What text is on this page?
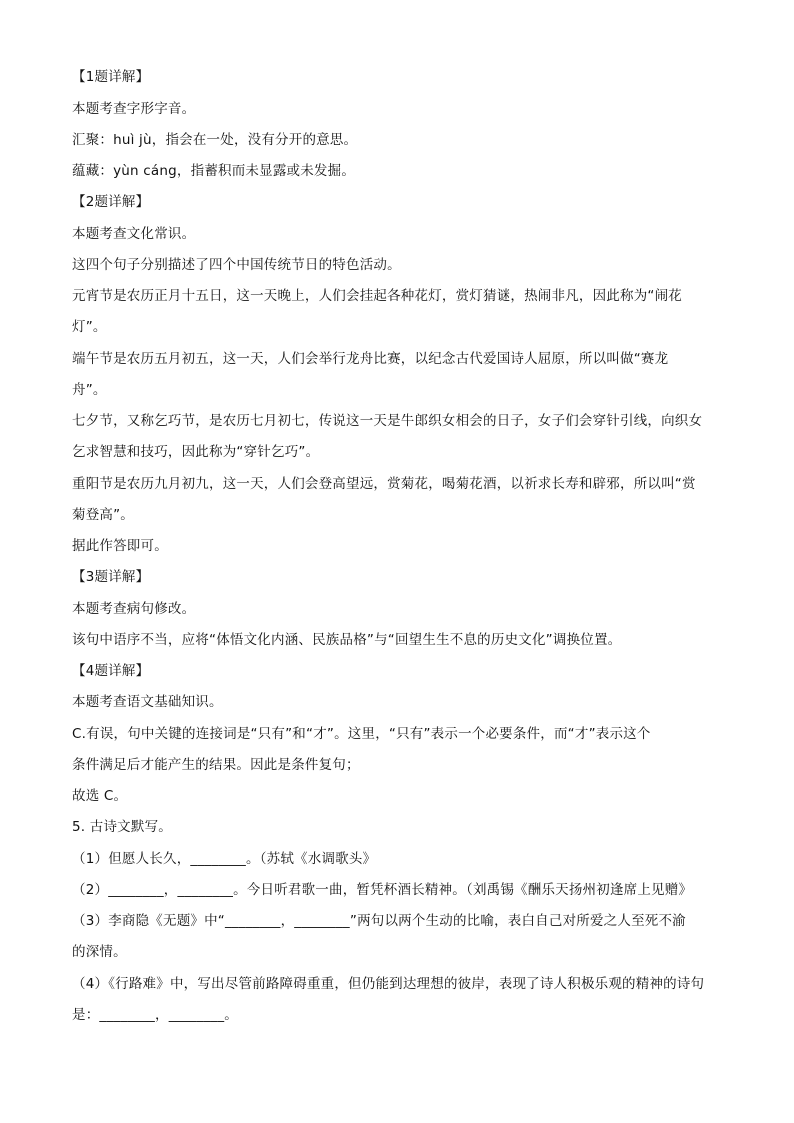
【1题详解】
本题考查字形字音。
汇聚：huì jù，指会在一处，没有分开的意思。
蕴藏：yùn cáng，指蓄积而未显露或未发掘。
【2题详解】
本题考查文化常识。
这四个句子分别描述了四个中国传统节日的特色活动。
元宵节是农历正月十五日，这一天晚上，人们会挂起各种花灯，赏灯猜谜，热闹非凡，因此称为“闹花
灯”。
端午节是农历五月初五，这一天，人们会举行龙舟比赛，以纪念古代爱国诗人屈原，所以叫做“赛龙
舟”。
七夕节，又称乞巧节，是农历七月初七，传说这一天是牛郎织女相会的日子，女子们会穿针引线，向织女
乞求智慧和技巧，因此称为“穿针乞巧”。
重阳节是农历九月初九，这一天，人们会登高望远，赏菊花，喝菊花酒，以祈求长寿和辟邪，所以叫“赏
菊登高”。
据此作答即可。
【3题详解】
本题考查病句修改。
该句中语序不当，应将“体悟文化内涵、民族品格”与“回望生生不息的历史文化”调换位置。
【4题详解】
本题考查语文基础知识。
C.有误，句中关键的连接词是“只有”和“才”。这里，“只有”表示一个必要条件，而“才”表示这个
条件满足后才能产生的结果。因此是条件复句；
故选 C。
5. 古诗文默写。
（1）但愿人长久，________。（苏轼《水调歌头》
（2）________，________。今日听君歌一曲，暂凭杯酒长精神。（刘禹锡《酬乐天扬州初逢席上见赠》
（3）李商隐《无题》中“________，________”两句以两个生动的比喻，表白自己对所爱之人至死不渝
的深情。
（4）《行路难》中，写出尽管前路障碍重重，但仍能到达理想的彼岸，表现了诗人积极乐观的精神的诗句
是：________，________。
